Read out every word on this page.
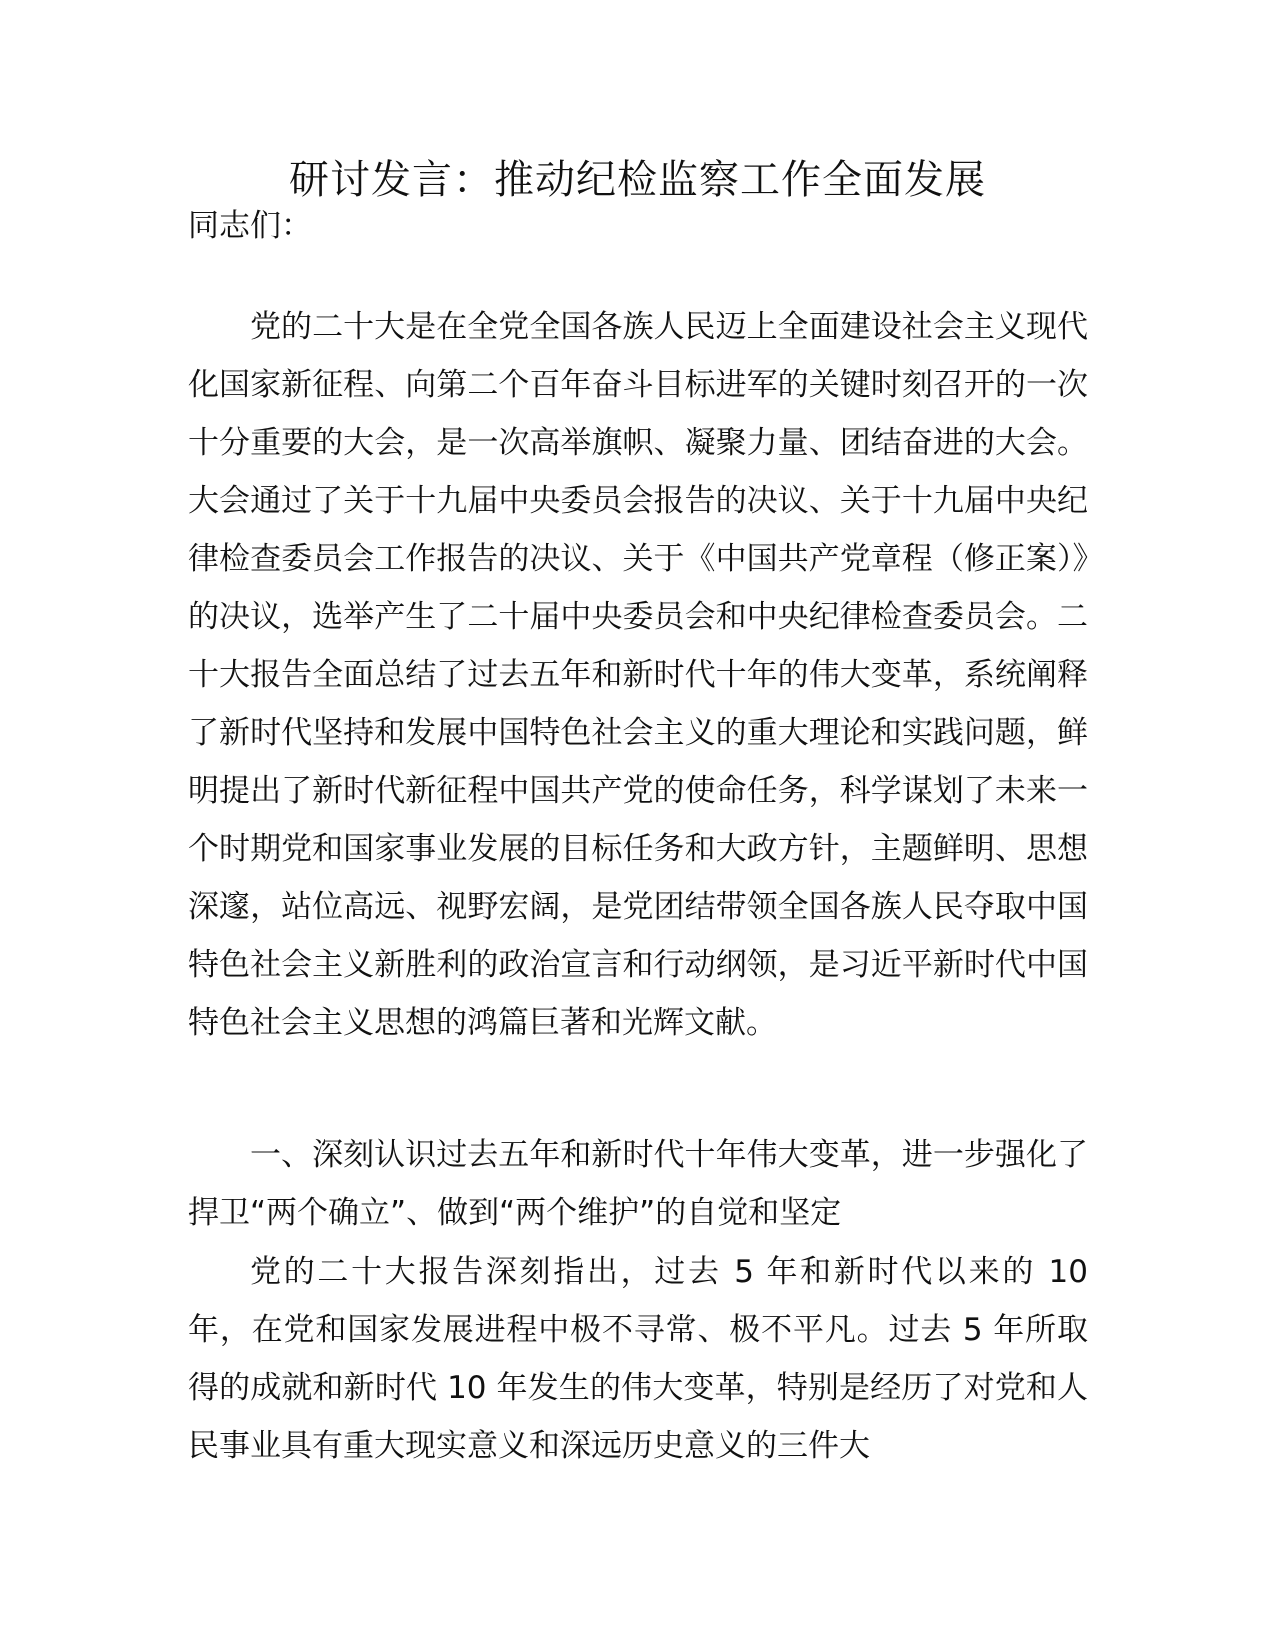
研讨发言：推动纪检监察工作全面发展
同志们：

党的二十大是在全党全国各族人民迈上全面建设社会主义现代化国家新征程、向第二个百年奋斗目标进军的关键时刻召开的一次十分重要的大会，是一次高举旗帜、凝聚力量、团结奋进的大会。大会通过了关于十九届中央委员会报告的决议、关于十九届中央纪律检查委员会工作报告的决议、关于《中国共产党章程（修正案）》的决议，选举产生了二十届中央委员会和中央纪律检查委员会。二十大报告全面总结了过去五年和新时代十年的伟大变革，系统阐释了新时代坚持和发展中国特色社会主义的重大理论和实践问题，鲜明提出了新时代新征程中国共产党的使命任务，科学谋划了未来一个时期党和国家事业发展的目标任务和大政方针，主题鲜明、思想深邃，站位高远、视野宏阔，是党团结带领全国各族人民夺取中国特色社会主义新胜利的政治宣言和行动纲领，是习近平新时代中国特色社会主义思想的鸿篇巨著和光辉文献。

一、深刻认识过去五年和新时代十年伟大变革，进一步强化了捍卫“两个确立”、做到“两个维护”的自觉和坚定

党的二十大报告深刻指出，过去 5 年和新时代以来的 10 年，在党和国家发展进程中极不寻常、极不平凡。过去 5 年所取得的成就和新时代 10 年发生的伟大变革，特别是经历了对党和人民事业具有重大现实意义和深远历史意义的三件大
